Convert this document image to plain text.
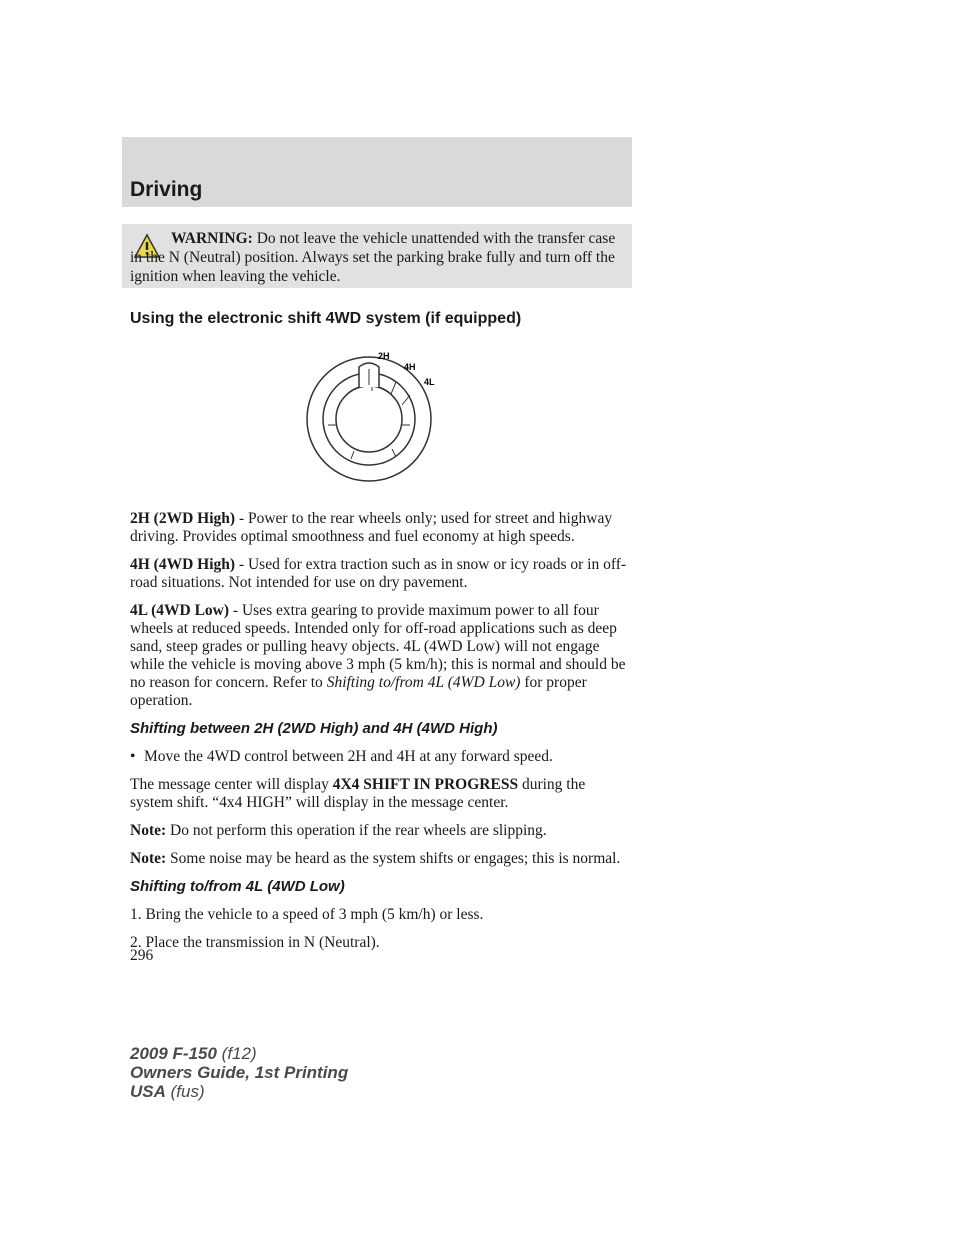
Driving

WARNING: Do not leave the vehicle unattended with the transfer case in the N (Neutral) position. Always set the parking brake fully and turn off the ignition when leaving the vehicle.

Using the electronic shift 4WD system (if equipped)
2H
4H
4L

2H (2WD High) - Power to the rear wheels only; used for street and highway driving. Provides optimal smoothness and fuel economy at high speeds.

4H (4WD High) - Used for extra traction such as in snow or icy roads or in off-road situations. Not intended for use on dry pavement.

4L (4WD Low) - Uses extra gearing to provide maximum power to all four wheels at reduced speeds. Intended only for off-road applications such as deep sand, steep grades or pulling heavy objects. 4L (4WD Low) will not engage while the vehicle is moving above 3 mph (5 km/h); this is normal and should be no reason for concern. Refer to Shifting to/from 4L (4WD Low) for proper operation.

Shifting between 2H (2WD High) and 4H (4WD High)

• Move the 4WD control between 2H and 4H at any forward speed.

The message center will display 4X4 SHIFT IN PROGRESS during the system shift. “4x4 HIGH” will display in the message center.

Note: Do not perform this operation if the rear wheels are slipping.

Note: Some noise may be heard as the system shifts or engages; this is normal.

Shifting to/from 4L (4WD Low)

1. Bring the vehicle to a speed of 3 mph (5 km/h) or less.

2. Place the transmission in N (Neutral).

296
2009 F-150 (f12)
Owners Guide, 1st Printing
USA (fus)
